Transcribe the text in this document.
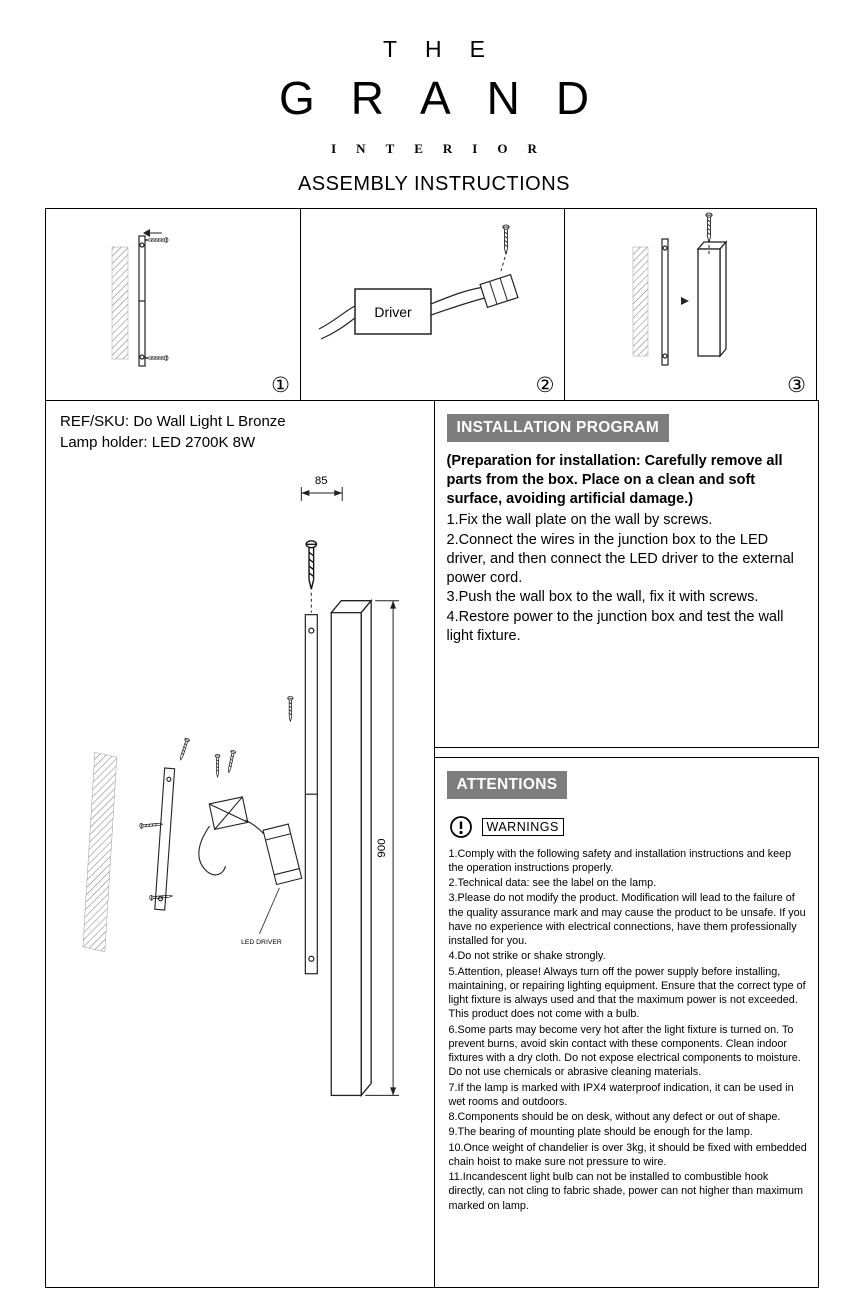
THE
GRAND
INTERIOR
ASSEMBLY INSTRUCTIONS
①
Driver
②	③
REF/SKU: Do Wall Light L Bronze
Lamp holder: LED 2700K 8W
85
900
LED DRIVER
INSTALLATION PROGRAM

(Preparation for installation: Carefully remove all parts from the box. Place on a clean and soft surface, avoiding artificial damage.)

1.Fix the wall plate on the wall by screws.

2.Connect the wires in the junction box to the LED driver, and then connect the LED driver to the external power cord.

3.Push the wall box to the wall, fix it with screws.

4.Restore power to the junction box and test the wall light fixture.

ATTENTIONS
WARNINGS

1.Comply with the following safety and installation instructions and keep the operation instructions properly.

2.Technical data: see the label on the lamp.

3.Please do not modify the product. Modification will lead to the failure of the quality assurance mark and may cause the product to be unsafe. If you have no experience with electrical connections, have them professionally installed for you.

4.Do not strike or shake strongly.

5.Attention, please! Always turn off the power supply before installing, maintaining, or repairing lighting equipment. Ensure that the correct type of light fixture is always used and that the maximum power is not exceeded. This product does not come with a bulb.

6.Some parts may become very hot after the light fixture is turned on. To prevent burns, avoid skin contact with these components. Clean indoor fixtures with a dry cloth. Do not expose electrical components to moisture. Do not use chemicals or abrasive cleaning materials.

7.If the lamp is marked with IPX4 waterproof indication, it can be used in wet rooms and outdoors.

8.Components should be on desk, without any defect or out of shape.

9.The bearing of mounting plate should be enough for the lamp.

10.Once weight of chandelier is over 3kg, it should be fixed with embedded chain hoist to make sure not pressure to wire.

11.Incandescent light bulb can not be installed to combustible hook directly, can not cling to fabric shade, power can not higher than maximum marked on lamp.
